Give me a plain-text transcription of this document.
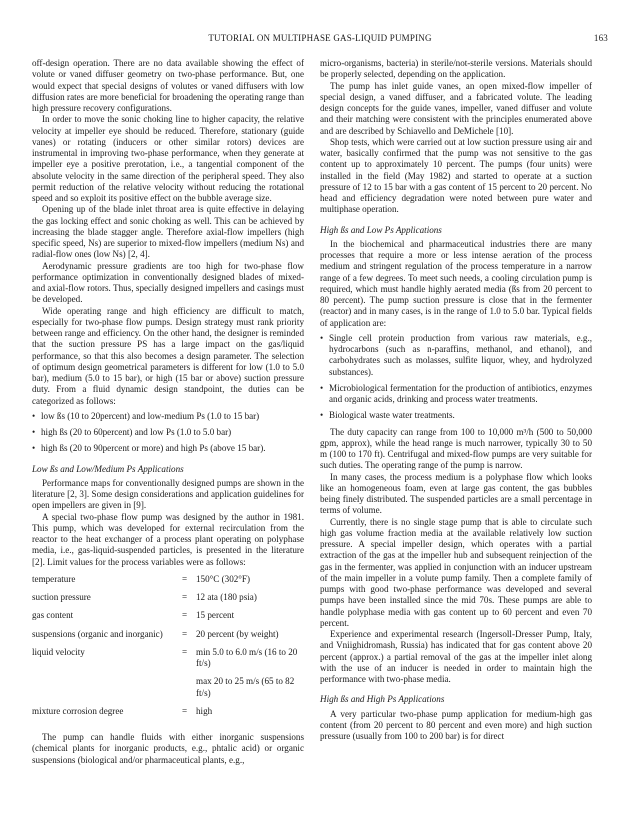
TUTORIAL ON MULTIPHASE GAS-LIQUID PUMPING	163

off-design operation. There are no data available showing the effect of volute or vaned diffuser geometry on two-phase performance. But, one would expect that special designs of volutes or vaned diffusers with low diffusion rates are more beneficial for broadening the operating range than high pressure recovery configurations.

In order to move the sonic choking line to higher capacity, the relative velocity at impeller eye should be reduced. Therefore, stationary (guide vanes) or rotating (inducers or other similar rotors) devices are instrumental in improving two-phase performance, when they generate at impeller eye a positive prerotation, i.e., a tangential component of the absolute velocity in the same direction of the peripheral speed. They also permit reduction of the relative velocity without reducing the rotational speed and so exploit its positive effect on the bubble average size.

Opening up of the blade inlet throat area is quite effective in delaying the gas locking effect and sonic choking as well. This can be achieved by increasing the blade stagger angle. Therefore axial-flow impellers (high specific speed, Ns) are superior to mixed-flow impellers (medium Ns) and radial-flow ones (low Ns) [2, 4].

Aerodynamic pressure gradients are too high for two-phase flow performance optimization in conventionally designed blades of mixed- and axial-flow rotors. Thus, specially designed impellers and casings must be developed.

Wide operating range and high efficiency are difficult to match, especially for two-phase flow pumps. Design strategy must rank priority between range and efficiency. On the other hand, the designer is reminded that the suction pressure PS has a large impact on the gas/liquid performance, so that this also becomes a design parameter. The selection of optimum design geometrical parameters is different for low (1.0 to 5.0 bar), medium (5.0 to 15 bar), or high (15 bar or above) suction pressure duty. From a fluid dynamic design standpoint, the duties can be categorized as follows:

• low ßs (10 to 20percent) and low-medium Ps (1.0 to 15 bar)
• high ßs (20 to 60percent) and low Ps (1.0 to 5.0 bar)
• high ßs (20 to 90percent or more) and high Ps (above 15 bar).
Low ßs and Low/Medium Ps Applications

Performance maps for conventionally designed pumps are shown in the literature [2, 3]. Some design considerations and application guidelines for open impellers are given in [9].

A special two-phase flow pump was designed by the author in 1981. This pump, which was developed for external recirculation from the reactor to the heat exchanger of a process plant operating on polyphase media, i.e., gas-liquid-suspended particles, is presented in the literature [2]. Limit values for the process variables were as follows:

temperature	=	150°C (302°F)
suction pressure	=	12 ata (180 psia)
gas content	=	15 percent
suspensions (organic and inorganic)	=	20 percent (by weight)
liquid velocity	=	min 5.0 to 6.0 m/s (16 to 20 ft/s)
		max 20 to 25 m/s (65 to 82 ft/s)
mixture corrosion degree	=	high

The pump can handle fluids with either inorganic suspensions (chemical plants for inorganic products, e.g., phtalic acid) or organic suspensions (biological and/or pharmaceutical plants, e.g.,

micro-organisms, bacteria) in sterile/not-sterile versions. Materials should be properly selected, depending on the application.

The pump has inlet guide vanes, an open mixed-flow impeller of special design, a vaned diffuser, and a fabricated volute. The leading design concepts for the guide vanes, impeller, vaned diffuser and volute and their matching were consistent with the principles enumerated above and are described by Schiavello and DeMichele [10].

Shop tests, which were carried out at low suction pressure using air and water, basically confirmed that the pump was not sensitive to the gas content up to approximately 10 percent. The pumps (four units) were installed in the field (May 1982) and started to operate at a suction pressure of 12 to 15 bar with a gas content of 15 percent to 20 percent. No head and efficiency degradation were noted between pure water and multiphase operation.

High ßs and Low Ps Applications

In the biochemical and pharmaceutical industries there are many processes that require a more or less intense aeration of the process medium and stringent regulation of the process temperature in a narrow range of a few degrees. To meet such needs, a cooling circulation pump is required, which must handle highly aerated media (ßs from 20 percent to 80 percent). The pump suction pressure is close that in the fermenter (reactor) and in many cases, is in the range of 1.0 to 5.0 bar. Typical fields of application are:

• Single cell protein production from various raw materials, e.g., hydrocarbons (such as n-paraffins, methanol, and ethanol), and carbohydrates such as molasses, sulfite liquor, whey, and hydrolyzed substances).
• Microbiological fermentation for the production of antibiotics, enzymes and organic acids, drinking and process water treatments.
• Biological waste water treatments.

The duty capacity can range from 100 to 10,000 m³/h (500 to 50,000 gpm, approx), while the head range is much narrower, typically 30 to 50 m (100 to 170 ft). Centrifugal and mixed-flow pumps are very suitable for such duties. The operating range of the pump is narrow.

In many cases, the process medium is a polyphase flow which looks like an homogeneous foam, even at large gas content, the gas bubbles being finely distributed. The suspended particles are a small percentage in terms of volume.

Currently, there is no single stage pump that is able to circulate such high gas volume fraction media at the available relatively low suction pressure. A special impeller design, which operates with a partial extraction of the gas at the impeller hub and subsequent reinjection of the gas in the fermenter, was applied in conjunction with an inducer upstream of the main impeller in a volute pump family. Then a complete family of pumps with good two-phase performance was developed and several pumps have been installed since the mid 70s. These pumps are able to handle polyphase media with gas content up to 60 percent and even 70 percent.

Experience and experimental research (Ingersoll-Dresser Pump, Italy, and Vniighidromash, Russia) has indicated that for gas content above 20 percent (approx.) a partial removal of the gas at the impeller inlet along with the use of an inducer is needed in order to maintain high the performance with two-phase media.

High ßs and High Ps Applications

A very particular two-phase pump application for medium-high gas content (from 20 percent to 80 percent and even more) and high suction pressure (usually from 100 to 200 bar) is for direct
